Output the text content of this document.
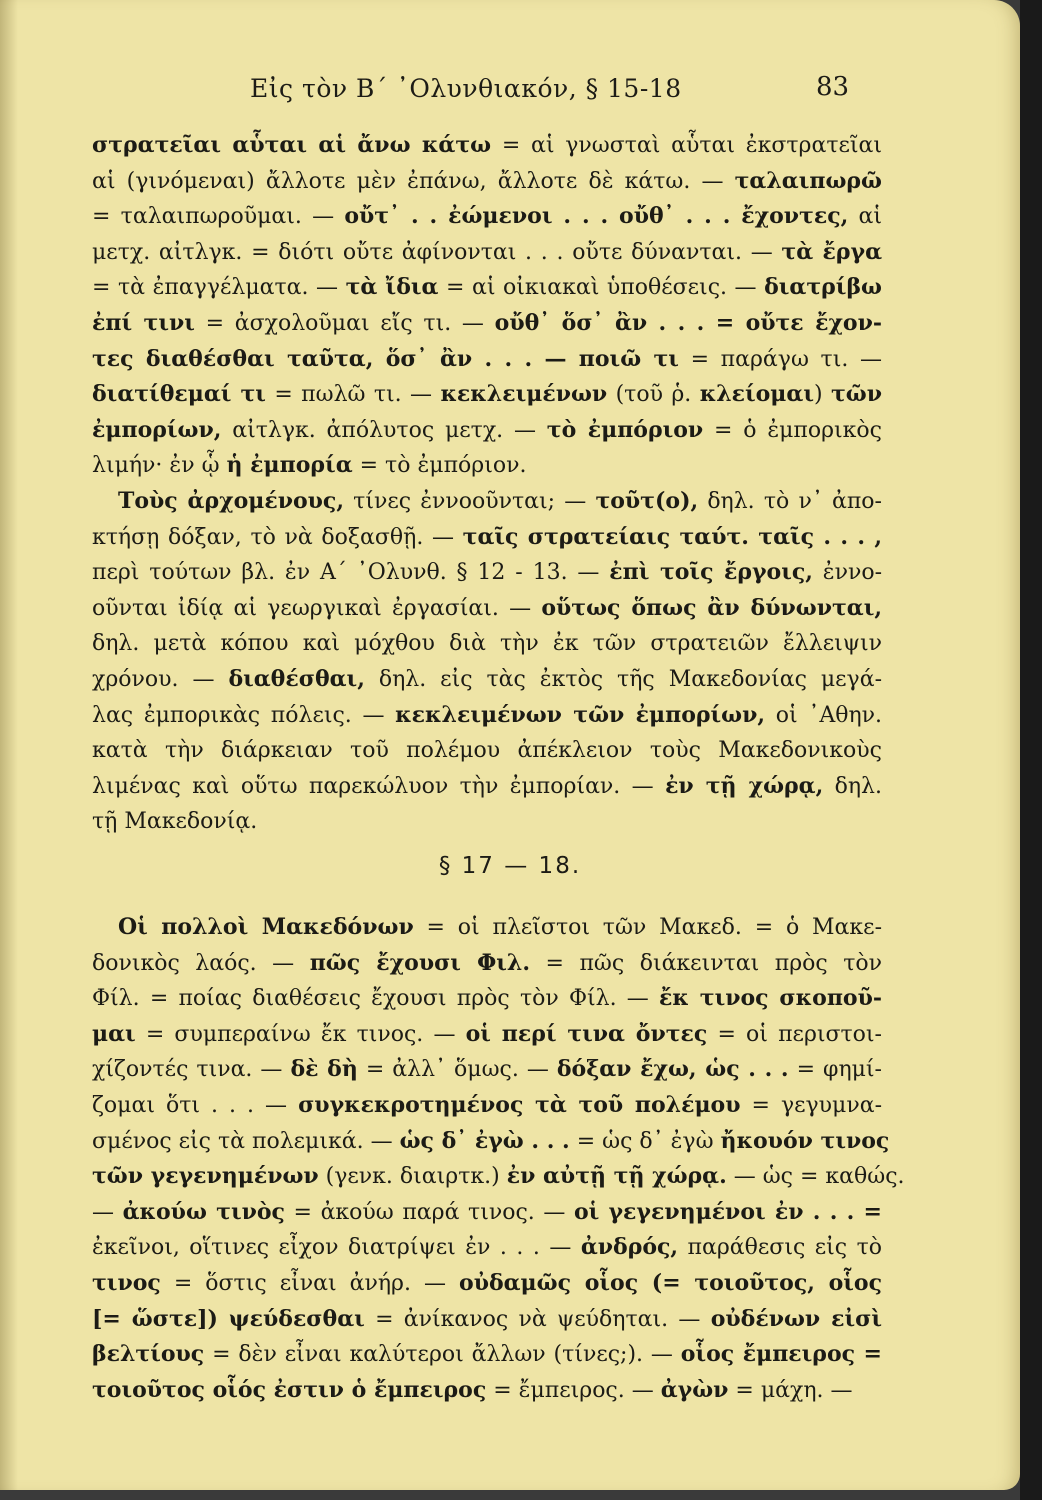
Εἰς τὸν Β΄ ᾿Ολυνθιακόν, § 15-18	83
στρατεῖαι αὗται αἱ ἄνω κάτω = αἱ γνωσταὶ αὗται ἐκστρατεῖαι
αἱ (γινόμεναι) ἄλλοτε μὲν ἐπάνω, ἄλλοτε δὲ κάτω. — ταλαιπωρῶ
= ταλαιπωροῦμαι. — οὔτ᾽ . . ἐώμενοι . . . οὔθ᾽ . . . ἔχοντες, αἱ
μετχ. αἰτλγκ. = διότι οὔτε ἀφίνονται . . . οὔτε δύνανται. — τὰ ἔργα
= τὰ ἐπαγγέλματα. — τὰ ἴδια = αἱ οἰκιακαὶ ὑποθέσεις. — διατρίβω
ἐπί τινι = ἀσχολοῦμαι εἴς τι. — οὔθ᾽ ὅσ᾽ ἂν . . . = οὔτε ἔχον-
τες διαθέσθαι ταῦτα, ὅσ᾽ ἂν . . . — ποιῶ τι = παράγω τι. —
διατίθεμαί τι = πωλῶ τι. — κεκλειμένων (τοῦ ῥ. κλείομαι) τῶν
ἐμπορίων, αἰτλγκ. ἀπόλυτος μετχ. — τὸ ἐμπόριον = ὁ ἐμπορικὸς
λιμήν· ἐν ᾧ ἡ ἐμπορία = τὸ ἐμπόριον.
Τοὺς ἀρχομένους, τίνες ἐννοοῦνται; — τοῦτ(ο), δηλ. τὸ ν᾽ ἀπο-
κτήσῃ δόξαν, τὸ νὰ δοξασθῇ. — ταῖς στρατείαις ταύτ. ταῖς . . . ,
περὶ τούτων βλ. ἐν Α΄ ᾿Ολυνθ. § 12 - 13. — ἐπὶ τοῖς ἔργοις, ἐννο-
οῦνται ἰδίᾳ αἱ γεωργικαὶ ἐργασίαι. — οὕτως ὅπως ἂν δύνωνται,
δηλ. μετὰ κόπου καὶ μόχθου διὰ τὴν ἐκ τῶν στρατειῶν ἔλλειψιν
χρόνου. — διαθέσθαι, δηλ. εἰς τὰς ἐκτὸς τῆς Μακεδονίας μεγά-
λας ἐμπορικὰς πόλεις. — κεκλειμένων τῶν ἐμπορίων, οἱ ᾿Αθην.
κατὰ τὴν διάρκειαν τοῦ πολέμου ἀπέκλειον τοὺς Μακεδονικοὺς
λιμένας καὶ οὕτω παρεκώλυον τὴν ἐμπορίαν. — ἐν τῇ χώρᾳ, δηλ.
τῇ Μακεδονίᾳ.
§ 17 — 18.
Οἱ πολλοὶ Μακεδόνων = οἱ πλεῖστοι τῶν Μακεδ. = ὁ Μακε-
δονικὸς λαός. — πῶς ἔχουσι Φιλ. = πῶς διάκεινται πρὸς τὸν
Φίλ. = ποίας διαθέσεις ἔχουσι πρὸς τὸν Φίλ. — ἔκ τινος σκοποῦ-
μαι = συμπεραίνω ἔκ τινος. — οἱ περί τινα ὄντες = οἱ περιστοι-
χίζοντές τινα. — δὲ δὴ = ἀλλ᾽ ὅμως. — δόξαν ἔχω, ὡς . . . = φημί-
ζομαι ὅτι . . . — συγκεκροτημένος τὰ τοῦ πολέμου = γεγυμνα-
σμένος εἰς τὰ πολεμικά. — ὡς δ᾽ ἐγὼ . . . = ὡς δ᾽ ἐγὼ ἤκουόν τινος
τῶν γεγενημένων (γενκ. διαιρτκ.) ἐν αὐτῇ τῇ χώρᾳ. — ὡς = καθώς.
— ἀκούω τινὸς = ἀκούω παρά τινος. — οἱ γεγενημένοι ἐν . . . =
ἐκεῖνοι, οἵτινες εἶχον διατρίψει ἐν . . . — ἀνδρός, παράθεσις εἰς τὸ
τινος = ὅστις εἶναι ἀνήρ. — οὐδαμῶς οἷος (= τοιοῦτος, οἷος
[= ὥστε]) ψεύδεσθαι = ἀνίκανος νὰ ψεύδηται. — οὐδένων εἰσὶ
βελτίους = δὲν εἶναι καλύτεροι ἄλλων (τίνες;). — οἷος ἔμπειρος =
τοιοῦτος οἷός ἐστιν ὁ ἔμπειρος = ἔμπειρος. — ἀγὼν = μάχη. —
